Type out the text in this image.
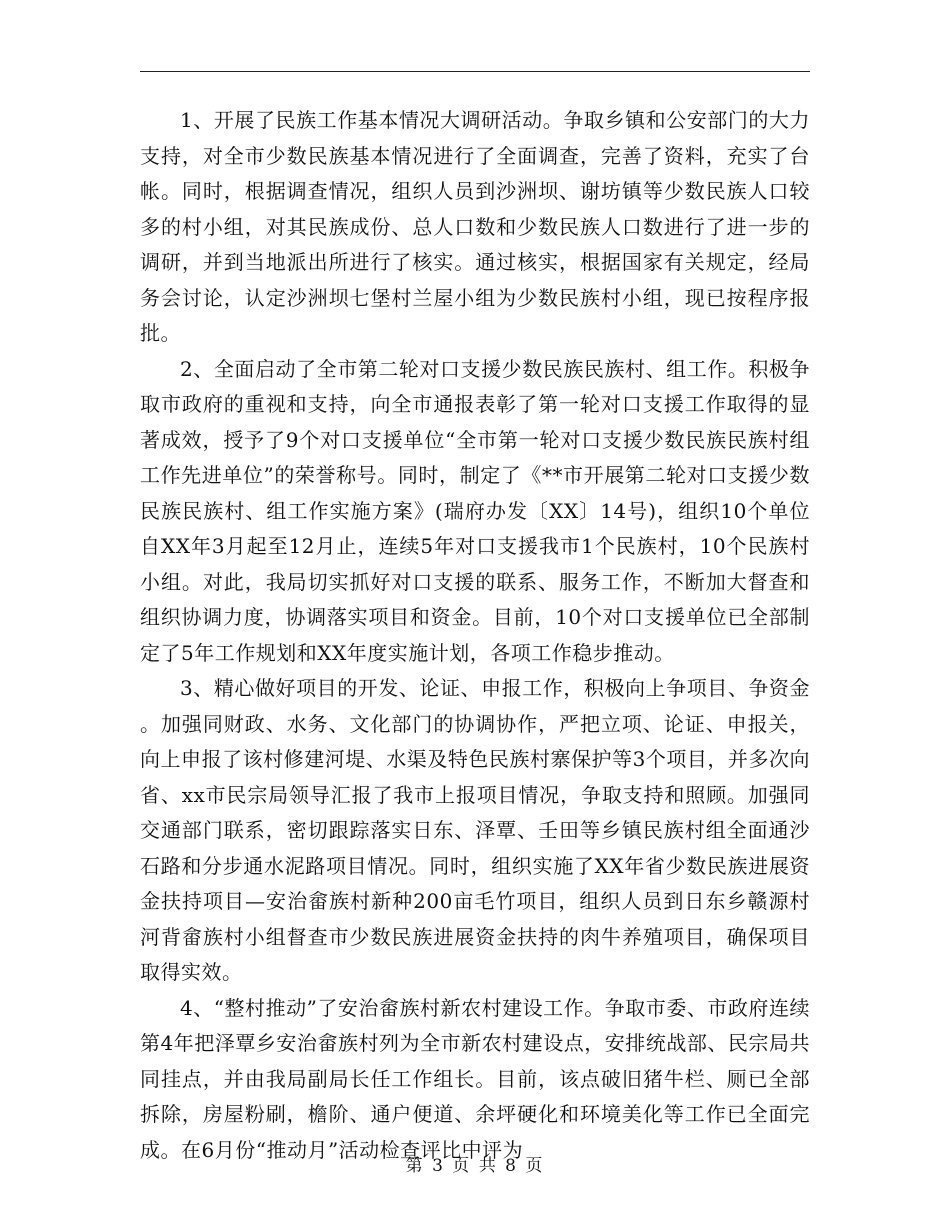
1、开展了民族工作基本情况大调研活动。争取乡镇和公安部门的大力支持，对全市少数民族基本情况进行了全面调查，完善了资料，充实了台帐。同时，根据调查情况，组织人员到沙洲坝、谢坊镇等少数民族人口较多的村小组，对其民族成份、总人口数和少数民族人口数进行了进一步的调研，并到当地派出所进行了核实。通过核实，根据国家有关规定，经局务会讨论，认定沙洲坝七堡村兰屋小组为少数民族村小组，现已按程序报批。

2、全面启动了全市第二轮对口支援少数民族民族村、组工作。积极争取市政府的重视和支持，向全市通报表彰了第一轮对口支援工作取得的显著成效，授予了9个对口支援单位“全市第一轮对口支援少数民族民族村组工作先进单位”的荣誉称号。同时，制定了《**市开展第二轮对口支援少数民族民族村、组工作实施方案》(瑞府办发〔XX〕14号)，组织10个单位自XX年3月起至12月止，连续5年对口支援我市1个民族村，10个民族村小组。对此，我局切实抓好对口支援的联系、服务工作，不断加大督查和组织协调力度，协调落实项目和资金。目前，10个对口支援单位已全部制定了5年工作规划和XX年度实施计划，各项工作稳步推动。

3、精心做好项目的开发、论证、申报工作，积极向上争项目、争资金。加强同财政、水务、文化部门的协调协作，严把立项、论证、申报关，向上申报了该村修建河堤、水渠及特色民族村寨保护等3个项目，并多次向省、xx市民宗局领导汇报了我市上报项目情况，争取支持和照顾。加强同交通部门联系，密切跟踪落实日东、泽覃、壬田等乡镇民族村组全面通沙石路和分步通水泥路项目情况。同时，组织实施了XX年省少数民族进展资金扶持项目—安治畲族村新种200亩毛竹项目，组织人员到日东乡赣源村河背畲族村小组督查市少数民族进展资金扶持的肉牛养殖项目，确保项目取得实效。

4、“整村推动”了安治畲族村新农村建设工作。争取市委、市政府连续第4年把泽覃乡安治畲族村列为全市新农村建设点，安排统战部、民宗局共同挂点，并由我局副局长任工作组长。目前，该点破旧猪牛栏、厕已全部拆除，房屋粉刷，檐阶、通户便道、余坪硬化和环境美化等工作已全面完成。在6月份“推动月”活动检查评比中评为

第 3 页 共 8 页
